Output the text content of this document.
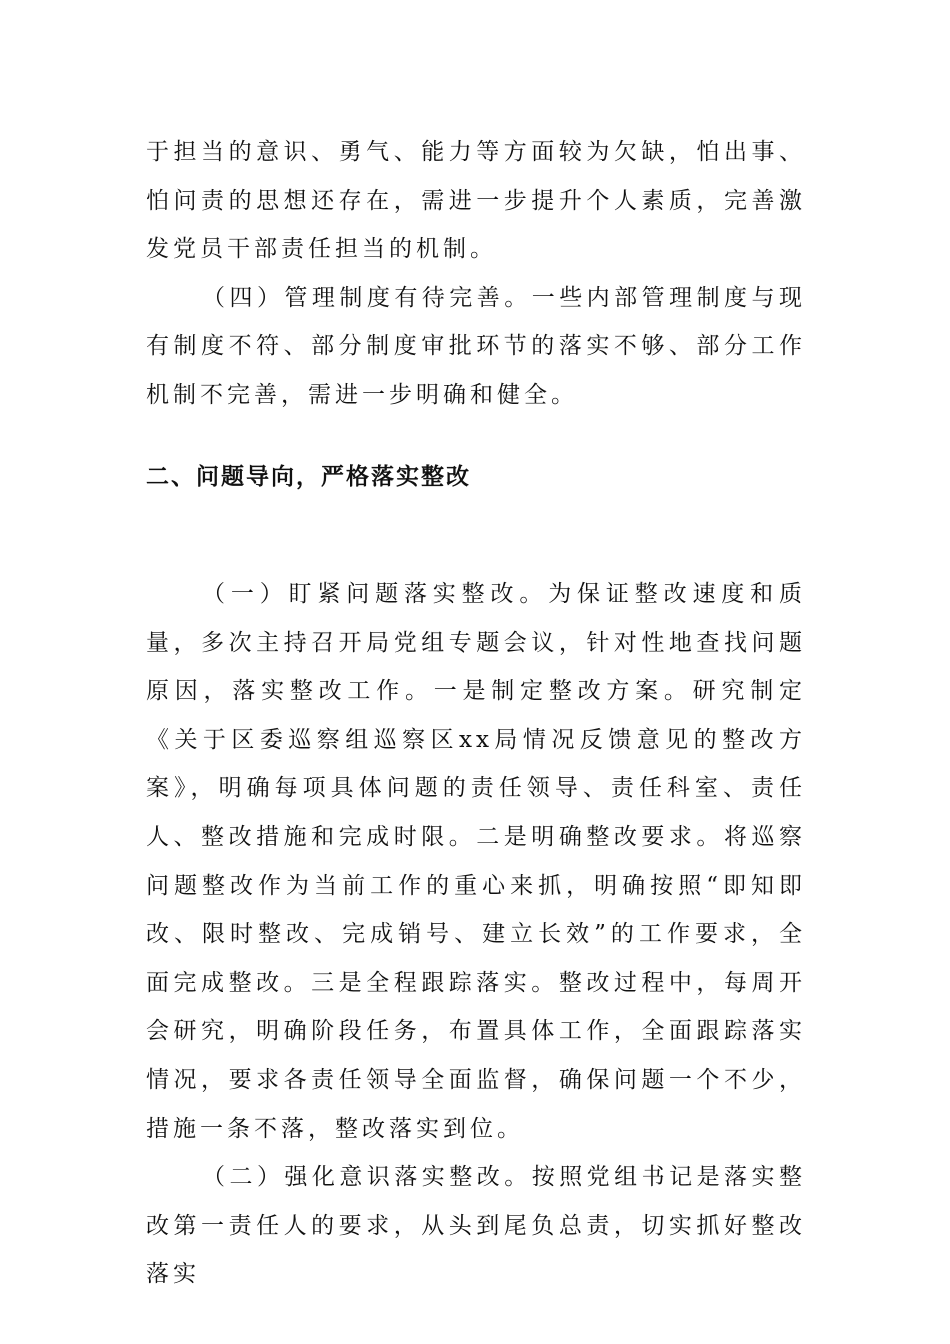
于担当的意识、勇气、能力等方面较为欠缺，怕出事、怕问责的思想还存在，需进一步提升个人素质，完善激发党员干部责任担当的机制。

（四）管理制度有待完善。一些内部管理制度与现有制度不符、部分制度审批环节的落实不够、部分工作机制不完善，需进一步明确和健全。

二、问题导向，严格落实整改

（一）盯紧问题落实整改。为保证整改速度和质量，多次主持召开局党组专题会议，针对性地查找问题原因，落实整改工作。一是制定整改方案。研究制定《关于区委巡察组巡察区xx局情况反馈意见的整改方案》，明确每项具体问题的责任领导、责任科室、责任人、整改措施和完成时限。二是明确整改要求。将巡察问题整改作为当前工作的重心来抓，明确按照“即知即改、限时整改、完成销号、建立长效”的工作要求，全面完成整改。三是全程跟踪落实。整改过程中，每周开会研究，明确阶段任务，布置具体工作，全面跟踪落实情况，要求各责任领导全面监督，确保问题一个不少，措施一条不落，整改落实到位。

（二）强化意识落实整改。按照党组书记是落实整改第一责任人的要求，从头到尾负总责，切实抓好整改落实
